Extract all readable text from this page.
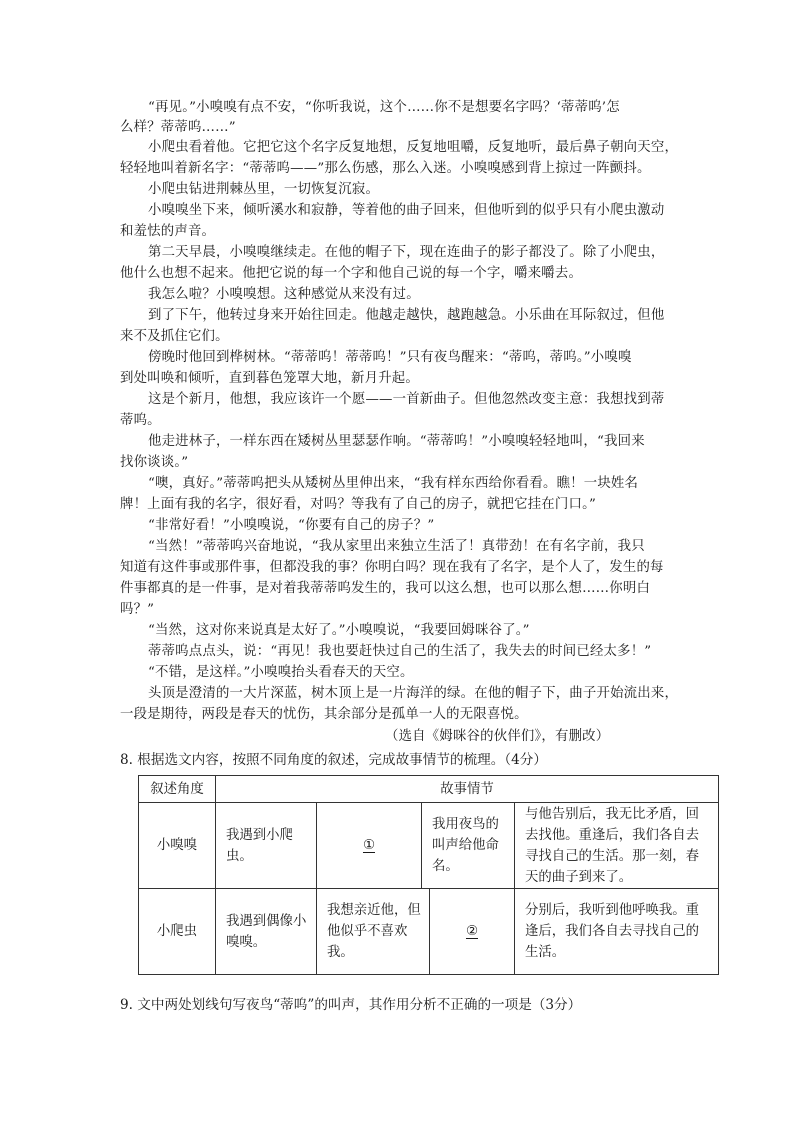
“再见。”小嗅嗅有点不安，“你听我说，这个……你不是想要名字吗？‘蒂蒂呜’怎
么样？蒂蒂呜……”
小爬虫看着他。它把它这个名字反复地想，反复地咀嚼，反复地听，最后鼻子朝向天空，
轻轻地叫着新名字：“蒂蒂呜——”那么伤感，那么入迷。小嗅嗅感到背上掠过一阵颤抖。
小爬虫钻进荆棘丛里，一切恢复沉寂。
小嗅嗅坐下来，倾听溪水和寂静，等着他的曲子回来，但他听到的似乎只有小爬虫激动
和羞怯的声音。
第二天早晨，小嗅嗅继续走。在他的帽子下，现在连曲子的影子都没了。除了小爬虫，
他什么也想不起来。他把它说的每一个字和他自己说的每一个字，嚼来嚼去。
我怎么啦？小嗅嗅想。这种感觉从来没有过。
到了下午，他转过身来开始往回走。他越走越快，越跑越急。小乐曲在耳际叙过，但他
来不及抓住它们。
傍晚时他回到桦树林。“蒂蒂呜！蒂蒂呜！”只有夜鸟醒来：“蒂呜，蒂呜。”小嗅嗅
到处叫唤和倾听，直到暮色笼罩大地，新月升起。
这是个新月，他想，我应该许一个愿——一首新曲子。但他忽然改变主意：我想找到蒂
蒂呜。
他走进林子，一样东西在矮树丛里瑟瑟作响。“蒂蒂呜！”小嗅嗅轻轻地叫，“我回来
找你谈谈。”
“噢，真好。”蒂蒂呜把头从矮树丛里伸出来，“我有样东西给你看看。瞧！一块姓名
牌！上面有我的名字，很好看，对吗？等我有了自己的房子，就把它挂在门口。”
“非常好看！”小嗅嗅说，“你要有自己的房子？”
“当然！”蒂蒂呜兴奋地说，“我从家里出来独立生活了！真带劲！在有名字前，我只
知道有这件事或那件事，但都没我的事？你明白吗？现在我有了名字，是个人了，发生的每
件事都真的是一件事，是对着我蒂蒂呜发生的，我可以这么想，也可以那么想……你明白
吗？”
“当然，这对你来说真是太好了。”小嗅嗅说，“我要回姆咪谷了。”
蒂蒂呜点点头，说：“再见！我也要赶快过自己的生活了，我失去的时间已经太多！”
“不错，是这样。”小嗅嗅抬头看春天的天空。
头顶是澄清的一大片深蓝，树木顶上是一片海洋的绿。在他的帽子下，曲子开始流出来，
一段是期待，两段是春天的忧伤，其余部分是孤单一人的无限喜悦。
（选自《姆咪谷的伙伴们》，有删改）
8. 根据选文内容，按照不同角度的叙述，完成故事情节的梳理。（4分）
叙述角度	故事情节				
小嗅嗅	我遇到小爬虫。	①	我用夜鸟的叫声给他命名。		与他告别后，我无比矛盾，回去找他。重逢后，我们各自去寻找自己的生活。那一刻，春天的曲子到来了。
小爬虫	我遇到偶像小嗅嗅。	我想亲近他，但他似乎不喜欢我。		②	分别后，我听到他呼唤我。重逢后，我们各自去寻找自己的生活。
9. 文中两处划线句写夜鸟“蒂呜”的叫声，其作用分析不正确的一项是（3分）
